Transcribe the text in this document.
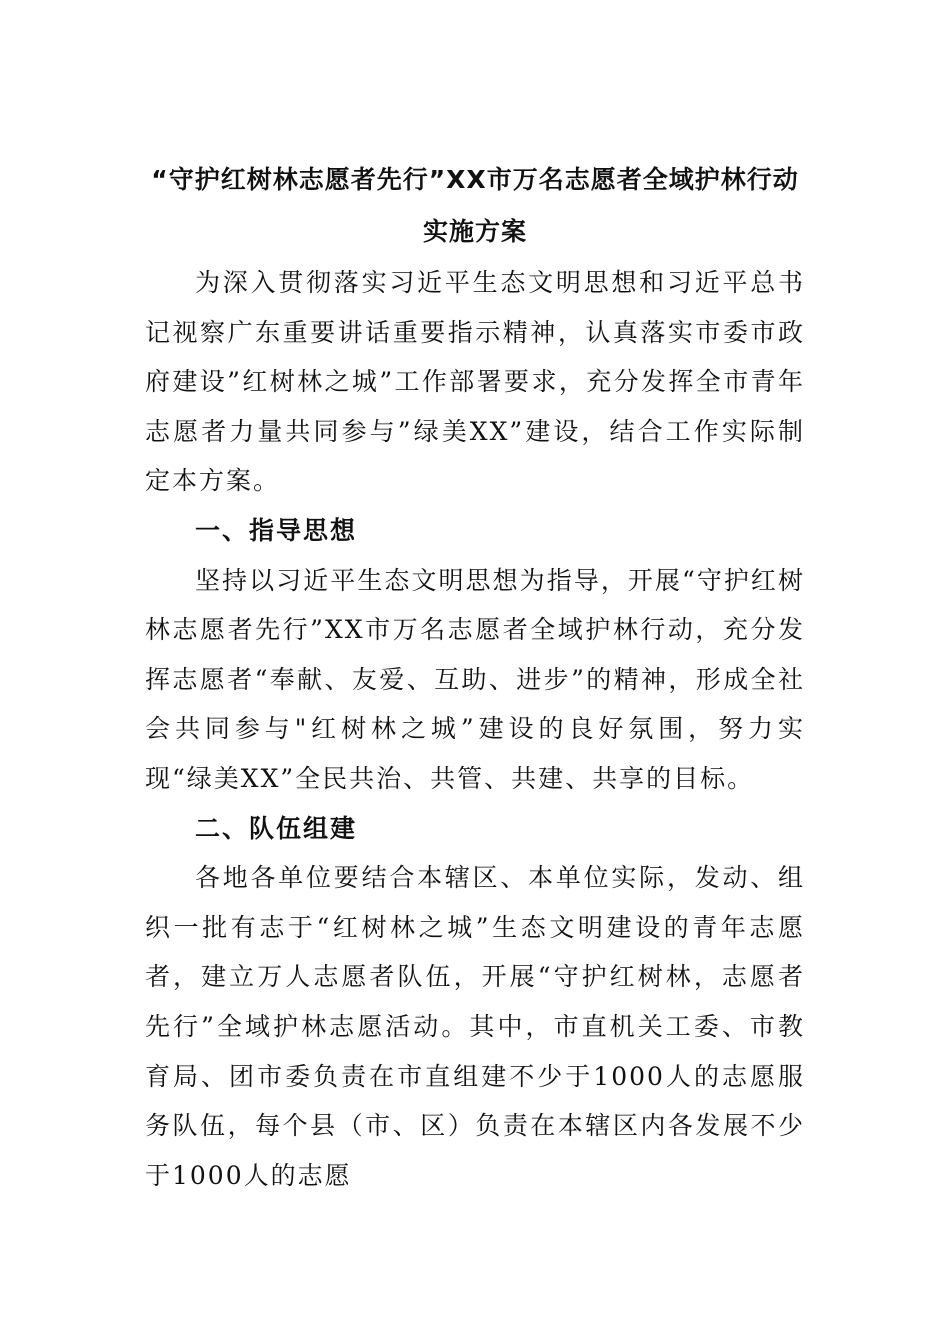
“守护红树林志愿者先行”XX市万名志愿者全域护林行动
实施方案

为深入贯彻落实习近平生态文明思想和习近平总书记视察广东重要讲话重要指示精神，认真落实市委市政府建设”红树林之城”工作部署要求，充分发挥全市青年志愿者力量共同参与”绿美XX”建设，结合工作实际制定本方案。

一、指导思想

坚持以习近平生态文明思想为指导，开展“守护红树林志愿者先行”XX市万名志愿者全域护林行动，充分发挥志愿者“奉献、友爱、互助、进步”的精神，形成全社会共同参与"红树林之城”建设的良好氛围，努力实现“绿美XX”全民共治、共管、共建、共享的目标。

二、队伍组建

各地各单位要结合本辖区、本单位实际，发动、组织一批有志于“红树林之城”生态文明建设的青年志愿者，建立万人志愿者队伍，开展“守护红树林，志愿者先行”全域护林志愿活动。其中，市直机关工委、市教育局、团市委负责在市直组建不少于1000人的志愿服务队伍，每个县（市、区）负责在本辖区内各发展不少于1000人的志愿
